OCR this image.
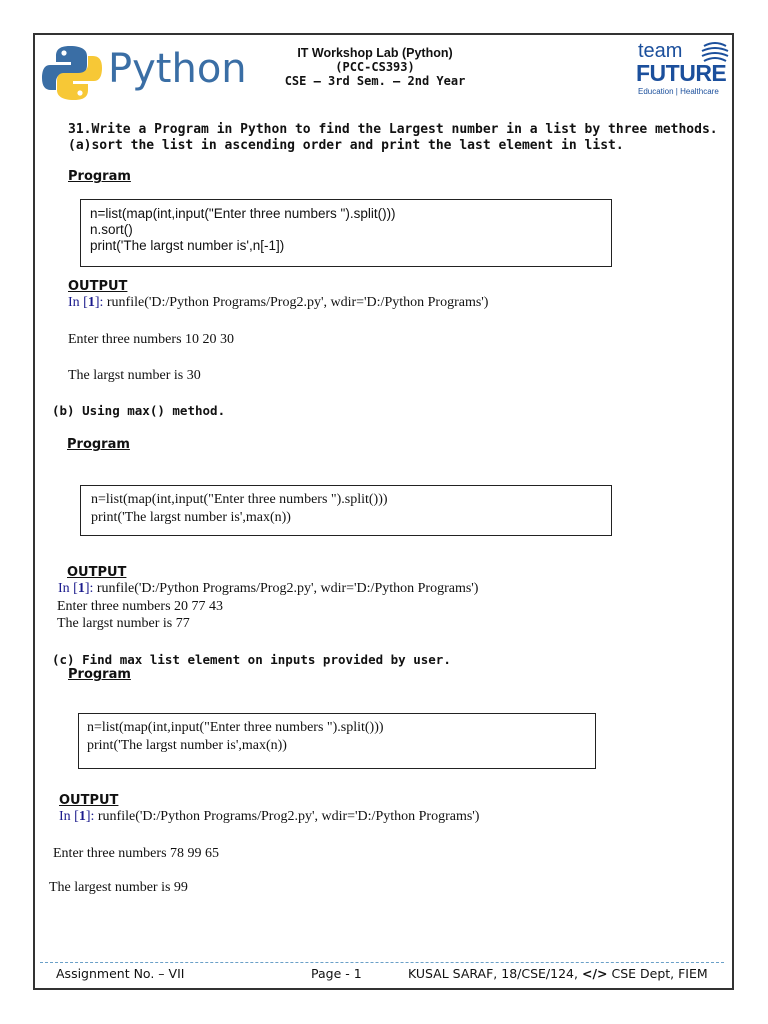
Python	IT Workshop Lab (Python)
(PCC-CS393)
CSE – 3rd Sem. – 2nd Year
team
FUTURE
Education | Healthcare
31.Write a Program in Python to find the Largest number in a list by three methods.
(a)sort the list in ascending order and print the last element in list.
Program
n=list(map(int,input("Enter three numbers ").split()))
n.sort()
print('The largst number is',n[-1])
OUTPUT
In [1]: runfile('D:/Python Programs/Prog2.py', wdir='D:/Python Programs')
Enter three numbers 10 20 30
The largst number is 30
(b) Using max() method.
Program
n=list(map(int,input("Enter three numbers ").split()))
print('The largst number is',max(n))
OUTPUT
In [1]: runfile('D:/Python Programs/Prog2.py', wdir='D:/Python Programs')
Enter three numbers 20 77 43
The largst number is 77
(c) Find max list element on inputs provided by user.
Program
n=list(map(int,input("Enter three numbers ").split()))
print('The largst number is',max(n))
OUTPUT
In [1]: runfile('D:/Python Programs/Prog2.py', wdir='D:/Python Programs')
Enter three numbers 78 99 65
The largest number is 99
Assignment No. – VII	Page - 1	KUSAL SARAF, 18/CSE/124, </> CSE Dept, FIEM
